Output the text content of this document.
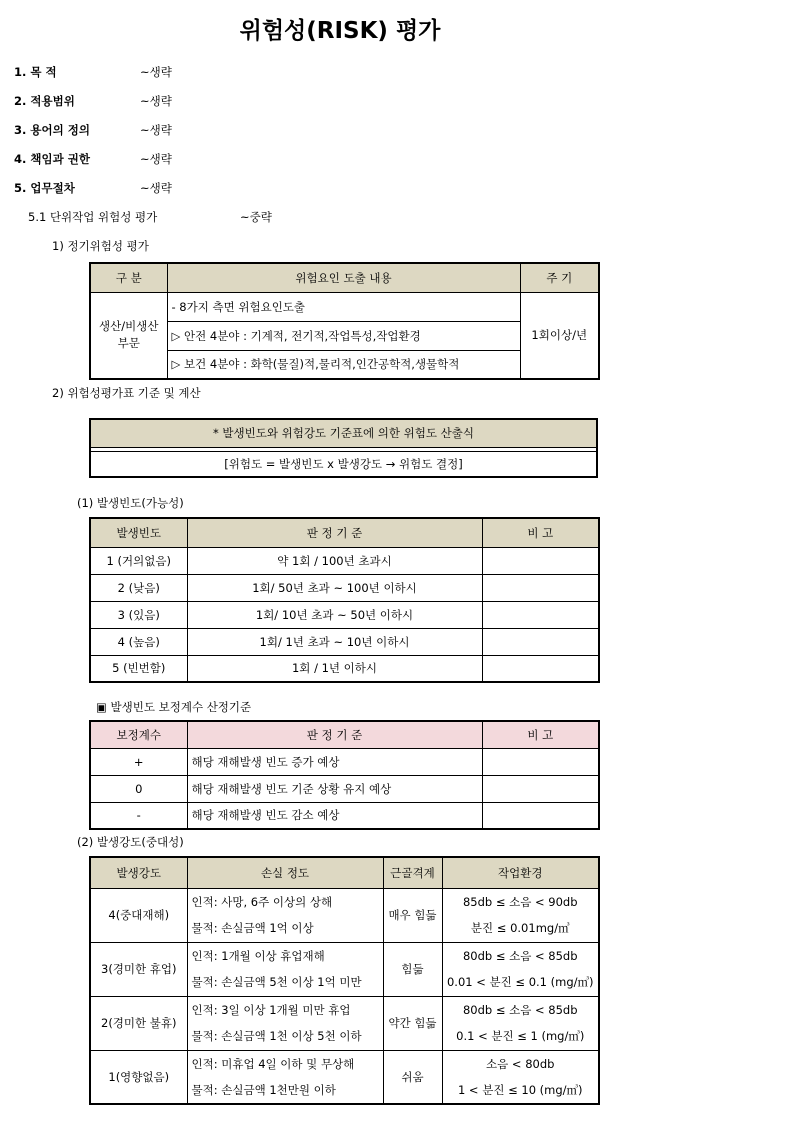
위험성(RISK) 평가
1. 목 적	~생략
2. 적용범위	~생략
3. 용어의 정의	~생략
4. 책임과 권한	~생략
5. 업무절차	~생략
5.1 단위작업 위험성 평가	~중략
1) 정기위험성 평가
구 분	위험요인 도출 내용	주 기
생산/비생산
부문	- 8가지 측면 위험요인도출	1회이상/년
	▷ 안전 4분야 : 기계적, 전기적,작업특성,작업환경	
	▷ 보건 4분야 : 화학(물질)적,물리적,인간공학적,생물학적	
2) 위험성평가표 기준 및 계산
* 발생빈도와 위험강도 기준표에 의한 위험도 산출식

[위험도 = 발생빈도 x 발생강도 → 위험도 결정]
(1) 발생빈도(가능성)
발생빈도	판 정 기 준	비 고
1 (거의없음)	약 1회 / 100년 초과시	
2 (낮음)	1회/ 50년 초과 ~ 100년 이하시	
3 (있음)	1회/ 10년 초과 ~ 50년 이하시	
4 (높음)	1회/ 1년 초과 ~ 10년 이하시	
5 (빈번함)	1회 / 1년 이하시	
▣ 발생빈도 보정계수 산정기준
보정계수	판 정 기 준	비 고
+	해당 재해발생 빈도 증가 예상	
0	해당 재해발생 빈도 기준 상황 유지 예상	
-	해당 재해발생 빈도 감소 예상	
(2) 발생강도(중대성)
발생강도	손실 정도	근골격계	작업환경
4(중대재해)	인적: 사망, 6주 이상의 상해	매우 힘듦	85db ≤ 소음 < 90db
	물적: 손실금액 1억 이상		분진 ≤ 0.01mg/㎥
3(경미한 휴업)	인적: 1개월 이상 휴업재해	힘듦	80db ≤ 소음 < 85db
	물적: 손실금액 5천 이상 1억 미만		0.01 < 분진 ≤ 0.1 (mg/㎥)
2(경미한 불휴)	인적: 3일 이상 1개월 미만 휴업	약간 힘듦	80db ≤ 소음 < 85db
	물적: 손실금액 1천 이상 5천 이하		0.1 < 분진 ≤ 1 (mg/㎥)
1(영향없음)	인적: 미휴업 4일 이하 및 무상해	쉬움	소음 < 80db
	물적: 손실금액 1천만원 이하		1 < 분진 ≤ 10 (mg/㎥)
